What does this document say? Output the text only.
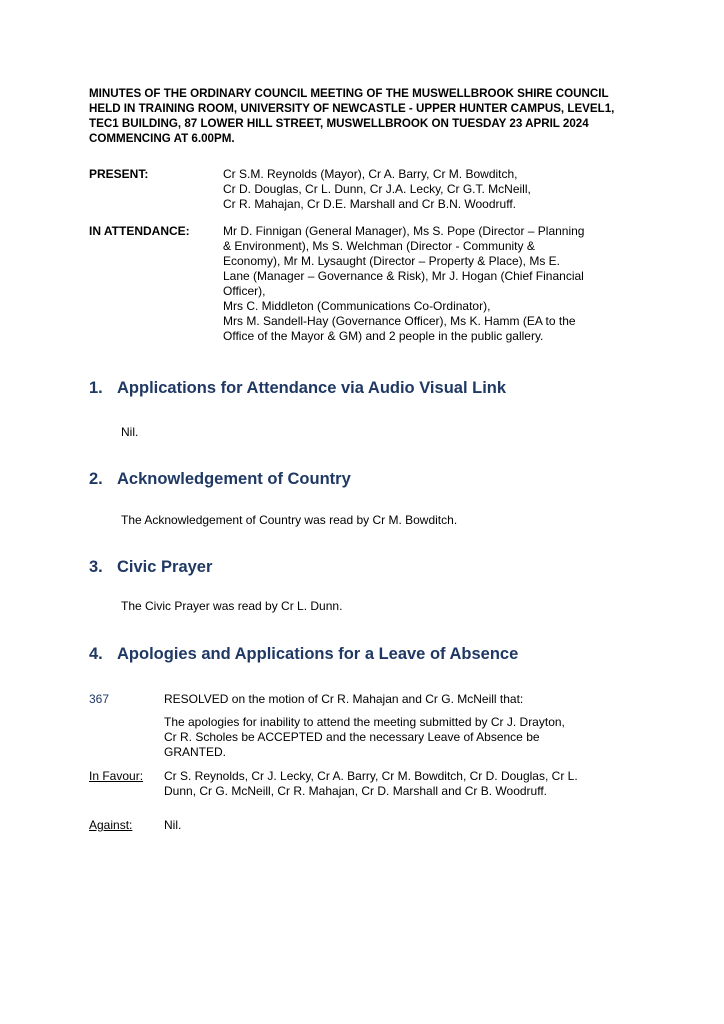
MINUTES OF THE ORDINARY COUNCIL MEETING OF THE MUSWELLBROOK SHIRE COUNCIL HELD IN TRAINING ROOM, UNIVERSITY OF NEWCASTLE - UPPER HUNTER CAMPUS, LEVEL1, TEC1 BUILDING, 87 LOWER HILL STREET, MUSWELLBROOK ON TUESDAY 23 APRIL 2024 COMMENCING AT 6.00PM.
PRESENT:	Cr S.M. Reynolds (Mayor), Cr A. Barry, Cr M. Bowditch,
Cr D. Douglas, Cr L. Dunn, Cr J.A. Lecky, Cr G.T. McNeill,
Cr R. Mahajan, Cr D.E. Marshall and Cr B.N. Woodruff.
IN ATTENDANCE:	Mr D. Finnigan (General Manager), Ms S. Pope (Director – Planning
& Environment), Ms S. Welchman (Director - Community &
Economy), Mr M. Lysaught (Director – Property & Place), Ms E.
Lane (Manager – Governance & Risk), Mr J. Hogan (Chief Financial
Officer),
Mrs C. Middleton (Communications Co-Ordinator),
Mrs M. Sandell-Hay (Governance Officer), Ms K. Hamm (EA to the
Office of the Mayor & GM) and 2 people in the public gallery.
1. Applications for Attendance via Audio Visual Link
Nil.
2. Acknowledgement of Country
The Acknowledgement of Country was read by Cr M. Bowditch.
3. Civic Prayer
The Civic Prayer was read by Cr L. Dunn.
4. Apologies and Applications for a Leave of Absence
367	RESOLVED on the motion of Cr R. Mahajan and Cr G. McNeill that:
The apologies for inability to attend the meeting submitted by Cr J. Drayton,
Cr R. Scholes be ACCEPTED and the necessary Leave of Absence be
GRANTED.
In Favour: Cr S. Reynolds, Cr J. Lecky, Cr A. Barry, Cr M. Bowditch, Cr D. Douglas, Cr L.
Dunn, Cr G. McNeill, Cr R. Mahajan, Cr D. Marshall and Cr B. Woodruff.
Against:	Nil.
